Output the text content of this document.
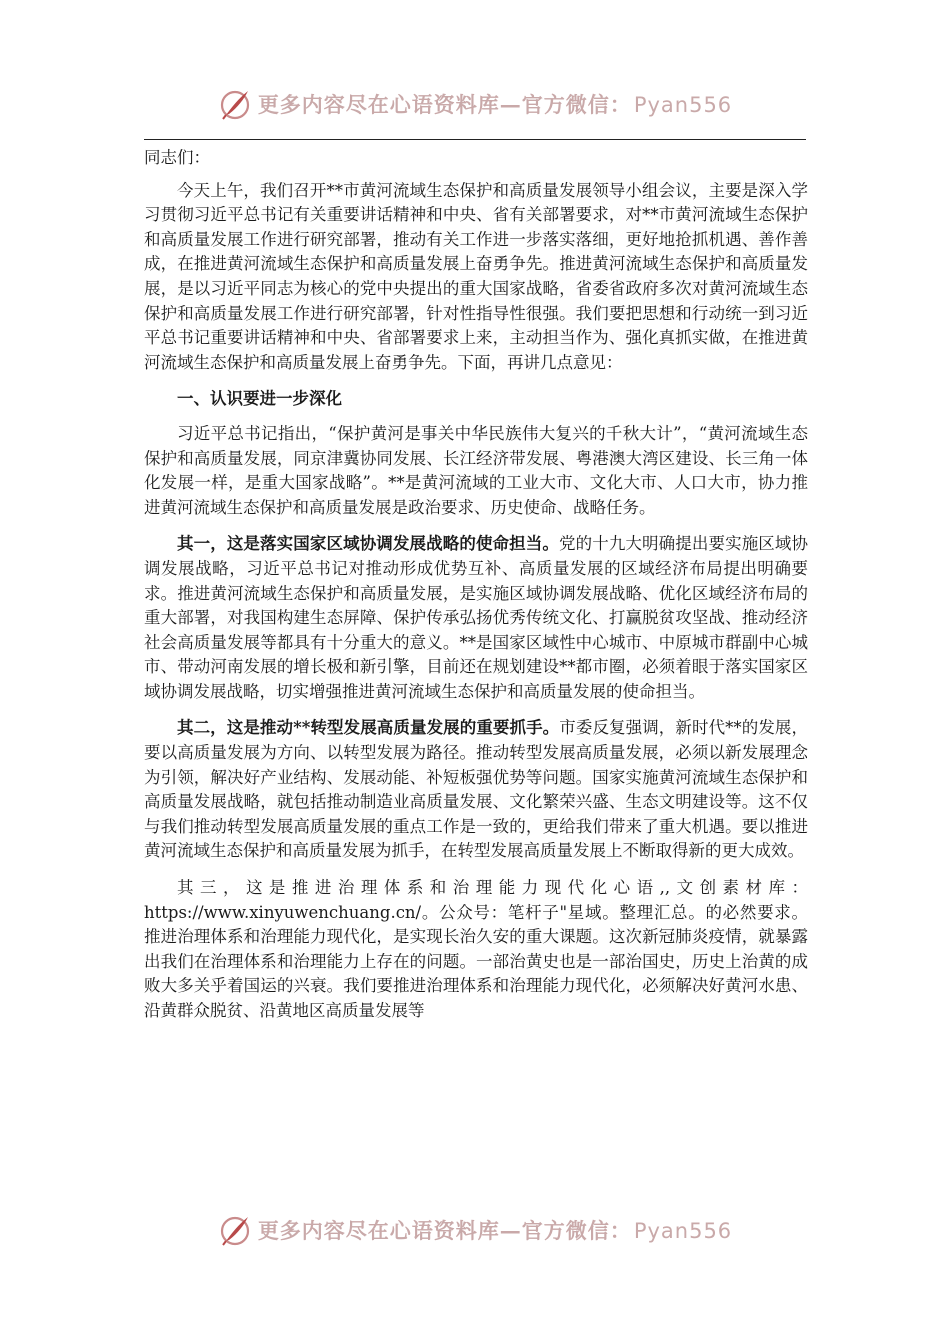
更多内容尽在心语资料库—官方微信：Pyan556

同志们：

今天上午，我们召开**市黄河流域生态保护和高质量发展领导小组会议，主要是深入学习贯彻习近平总书记有关重要讲话精神和中央、省有关部署要求，对**市黄河流域生态保护和高质量发展工作进行研究部署，推动有关工作进一步落实落细，更好地抢抓机遇、善作善成，在推进黄河流域生态保护和高质量发展上奋勇争先。推进黄河流域生态保护和高质量发展，是以习近平同志为核心的党中央提出的重大国家战略，省委省政府多次对黄河流域生态保护和高质量发展工作进行研究部署，针对性指导性很强。我们要把思想和行动统一到习近平总书记重要讲话精神和中央、省部署要求上来，主动担当作为、强化真抓实做，在推进黄河流域生态保护和高质量发展上奋勇争先。下面，再讲几点意见：

一、认识要进一步深化

习近平总书记指出，“保护黄河是事关中华民族伟大复兴的千秋大计”，“黄河流域生态保护和高质量发展，同京津冀协同发展、长江经济带发展、粤港澳大湾区建设、长三角一体化发展一样，是重大国家战略”。**是黄河流域的工业大市、文化大市、人口大市，协力推进黄河流域生态保护和高质量发展是政治要求、历史使命、战略任务。

其一，这是落实国家区域协调发展战略的使命担当。党的十九大明确提出要实施区域协调发展战略，习近平总书记对推动形成优势互补、高质量发展的区域经济布局提出明确要求。推进黄河流域生态保护和高质量发展，是实施区域协调发展战略、优化区域经济布局的重大部署，对我国构建生态屏障、保护传承弘扬优秀传统文化、打赢脱贫攻坚战、推动经济社会高质量发展等都具有十分重大的意义。**是国家区域性中心城市、中原城市群副中心城市、带动河南发展的增长极和新引擎，目前还在规划建设**都市圈，必须着眼于落实国家区域协调发展战略，切实增强推进黄河流域生态保护和高质量发展的使命担当。

其二，这是推动**转型发展高质量发展的重要抓手。市委反复强调，新时代**的发展，要以高质量发展为方向、以转型发展为路径。推动转型发展高质量发展，必须以新发展理念为引领，解决好产业结构、发展动能、补短板强优势等问题。国家实施黄河流域生态保护和高质量发展战略，就包括推动制造业高质量发展、文化繁荣兴盛、生态文明建设等。这不仅与我们推动转型发展高质量发展的重点工作是一致的，更给我们带来了重大机遇。要以推进黄河流域生态保护和高质量发展为抓手，在转型发展高质量发展上不断取得新的更大成效。

其三，这是推进治理体系和治理能力现代化心语,,文创素材库：https://www.xinyuwenchuang.cn/。公众号：笔杆子"星域。整理汇总。的必然要求。推进治理体系和治理能力现代化，是实现长治久安的重大课题。这次新冠肺炎疫情，就暴露出我们在治理体系和治理能力上存在的问题。一部治黄史也是一部治国史，历史上治黄的成败大多关乎着国运的兴衰。我们要推进治理体系和治理能力现代化，必须解决好黄河水患、沿黄群众脱贫、沿黄地区高质量发展等

更多内容尽在心语资料库—官方微信：Pyan556
